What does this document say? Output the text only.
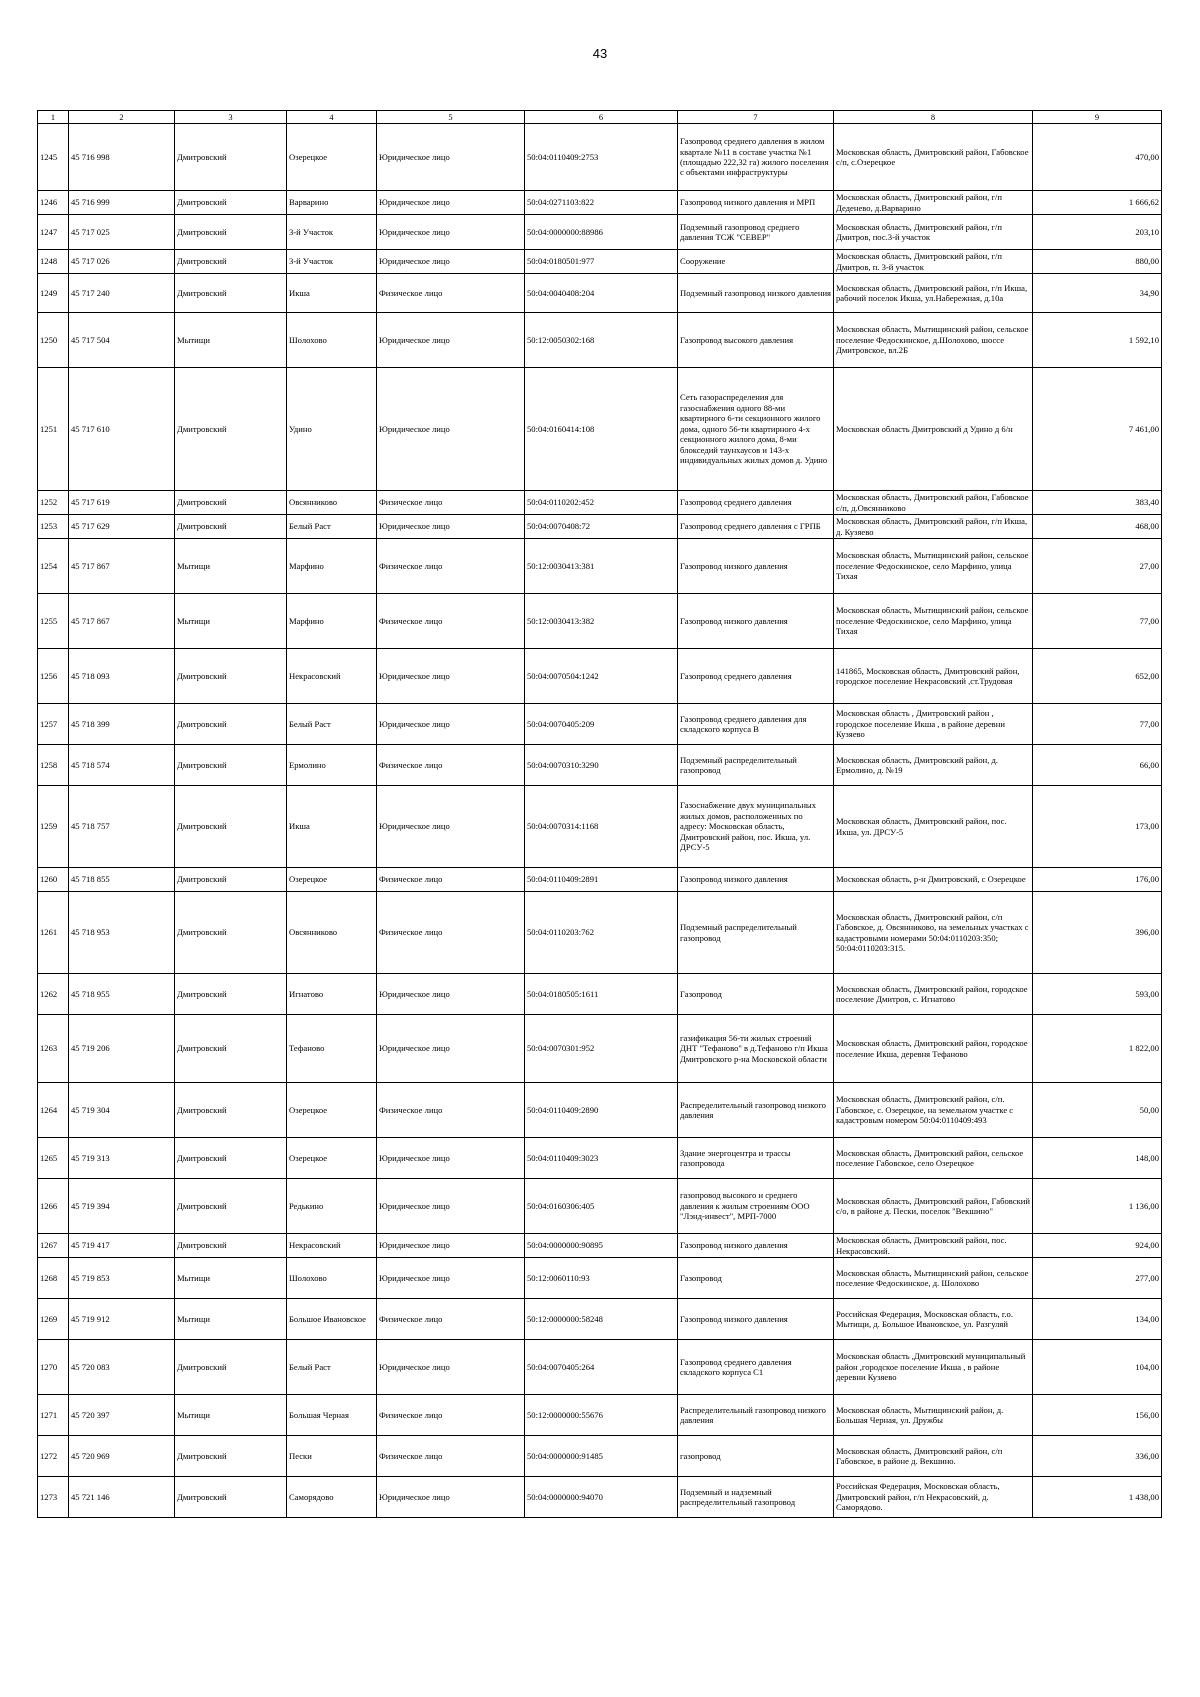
43
1	2	3	4	5	6	7	8	9
1245	45 716 998	Дмитровский	Озерецкое	Юридическое лицо	50:04:0110409:2753	Газопровод среднего давления в жилом квартале №11 в составе участка №1 (площадью 222,32 га) жилого поселения с объектами инфраструктуры	Московская область, Дмитровский район, Габовское с/п, с.Озерецкое	470,00
1246	45 716 999	Дмитровский	Варварино	Юридическое лицо	50:04:0271103:822	Газопровод низкого давления и МРП	Московская область, Дмитровский район, г/п Деденево, д.Варварино	1 666,62
1247	45 717 025	Дмитровский	3-й Участок	Юридическое лицо	50:04:0000000:88986	Подземный газопровод среднего давления ТСЖ "СЕВЕР"	Московская область, Дмитровский район, г/п Дмитров, пос.3-й участок	203,10
1248	45 717 026	Дмитровский	3-й Участок	Юридическое лицо	50:04:0180501:977	Сооружение	Московская область, Дмитровский район, г/п Дмитров, п. 3-й участок	880,00
1249	45 717 240	Дмитровский	Икша	Физическое лицо	50:04:0040408:204	Подземный газопровод низкого давления	Московская область, Дмитровский район, г/п Икша, рабочий поселок Икша, ул.Набережная, д.10а	34,90
1250	45 717 504	Мытищи	Шолохово	Юридическое лицо	50:12:0050302:168	Газопровод высокого давления	Московская область, Мытищинский район, сельское поселение Федоскинское, д.Шолохово, шоссе Дмитровское, вл.2Б	1 592,10
1251	45 717 610	Дмитровский	Удино	Юридическое лицо	50:04:0160414:108	Сеть газораспределения для газоснабжения одного 88-ми квартирного 6-ти секционного жилого дома, одного 56-ти квартирного 4-х секционного жилого дома, 8-ми блокседий таунхаусов и 143-х индивидуальных жилых домов д. Удино	Московская область Дмитровский д Удино д 6/н	7 461,00
1252	45 717 619	Дмитровский	Овсянниково	Физическое лицо	50:04:0110202:452	Газопровод среднего давления	Московская область, Дмитровский район, Габовское с/п, д.Овсянниково	383,40
1253	45 717 629	Дмитровский	Белый Раст	Юридическое лицо	50:04:0070408:72	Газопровод среднего давления с ГРПБ	Московская область, Дмитровский район, г/п Икша, д. Кузяево	468,00
1254	45 717 867	Мытищи	Марфино	Физическое лицо	50:12:0030413:381	Газопровод низкого давления	Московская область, Мытищинский район, сельское поселение Федоскинское, село Марфино, улица Тихая	27,00
1255	45 717 867	Мытищи	Марфино	Физическое лицо	50:12:0030413:382	Газопровод низкого давления	Московская область, Мытищинский район, сельское поселение Федоскинское, село Марфино, улица Тихая	77,00
1256	45 718 093	Дмитровский	Некрасовский	Юридическое лицо	50:04:0070504:1242	Газопровод среднего давления	141865, Московская область, Дмитровский район, городское поселение Некрасовский ,ст.Трудовая	652,00
1257	45 718 399	Дмитровский	Белый Раст	Юридическое лицо	50:04:0070405:209	Газопровод среднего давления для складского корпуса В	Московская область , Дмитровский район , городское поселение Икша , в районе деревни Кузяево	77,00
1258	45 718 574	Дмитровский	Ермолино	Физическое лицо	50:04:0070310:3290	Подземный распределительный газопровод	Московская область, Дмитровский район, д. Ермолино, д. №19	66,00
1259	45 718 757	Дмитровский	Икша	Юридическое лицо	50:04:0070314:1168	Газоснабжение двух муниципальных жилых домов, расположенных по адресу: Московская область, Дмитровский район, пос. Икша, ул. ДРСУ-5	Московская область, Дмитровский район, пос. Икша, ул. ДРСУ-5	173,00
1260	45 718 855	Дмитровский	Озерецкое	Физическое лицо	50:04:0110409:2891	Газопровод низкого давления	Московская область, р-н Дмитровский, с Озерецкое	176,00
1261	45 718 953	Дмитровский	Овсянниково	Физическое лицо	50:04:0110203:762	Подземный распределительный газопровод	Московская область, Дмитровский район, с/п Габовское, д. Овсянниково, на земельных участках с кадастровыми номерами 50:04:0110203:350; 50:04:0110203:315.	396,00
1262	45 718 955	Дмитровский	Игнатово	Юридическое лицо	50:04:0180505:1611	Газопровод	Московская область, Дмитровский район, городское поселение Дмитров, с. Игнатово	593,00
1263	45 719 206	Дмитровский	Тефаново	Юридическое лицо	50:04:0070301:952	газификация 56-ти жилых строений ДНТ "Тефаново" в д.Тефаново г/п Икша Дмитровского р-на Московской области	Московская область, Дмитровский район, городское поселение Икша, деревня Тефаново	1 822,00
1264	45 719 304	Дмитровский	Озерецкое	Физическое лицо	50:04:0110409:2890	Распределительный газопровод низкого давления	Московская область, Дмитровский район, с/п. Габовское, с. Озерецкое, на земельном участке с кадастровым номером 50:04:0110409:493	50,00
1265	45 719 313	Дмитровский	Озерецкое	Юридическое лицо	50:04:0110409:3023	Здание энергоцентра и трассы газопровода	Московская область, Дмитровский район, сельское поселение Габовское, село Озерецкое	148,00
1266	45 719 394	Дмитровский	Редькино	Юридическое лицо	50:04:0160306:405	газопровод высокого и среднего давления к жилым строениям ООО "Лэнд-инвест", МРП-7000	Московская область, Дмитровский район, Габовский с/о, в районе д. Пески, поселок "Векшино"	1 136,00
1267	45 719 417	Дмитровский	Некрасовский	Юридическое лицо	50:04:0000000:90895	Газопровод низкого давления	Московская область, Дмитровский район, пос. Некрасовский.	924,00
1268	45 719 853	Мытищи	Шолохово	Юридическое лицо	50:12:0060110:93	Газопровод	Московская область, Мытищинский район, сельское поселение Федоскинское, д. Шолохово	277,00
1269	45 719 912	Мытищи	Большое Ивановское	Физическое лицо	50:12:0000000:58248	Газопровод низкого давления	Российская Федерация, Московская область, г.о. Мытищи, д. Большое Ивановское, ул. Разгуляй	134,00
1270	45 720 083	Дмитровский	Белый Раст	Юридическое лицо	50:04:0070405:264	Газопровод среднего давления складского корпуса С1	Московская область ,Дмитровский муниципальный район ,городское поселение Икша , в районе деревни Кузяево	104,00
1271	45 720 397	Мытищи	Большая Черная	Физическое лицо	50:12:0000000:55676	Распределительный газопровод низкого давления	Московская область, Мытищинский район, д. Большая Черная, ул. Дружбы	156,00
1272	45 720 969	Дмитровский	Пески	Физическое лицо	50:04:0000000:91485	газопровод	Московская область, Дмитровский район, с/п Габовское, в районе д. Векшино.	336,00
1273	45 721 146	Дмитровский	Саморядово	Юридическое лицо	50:04:0000000:94070	Подземный и надземный распределительный газопровод	Российская Федерация, Московская область, Дмитровский район, г/п Некрасовский, д. Саморядово.	1 438,00
